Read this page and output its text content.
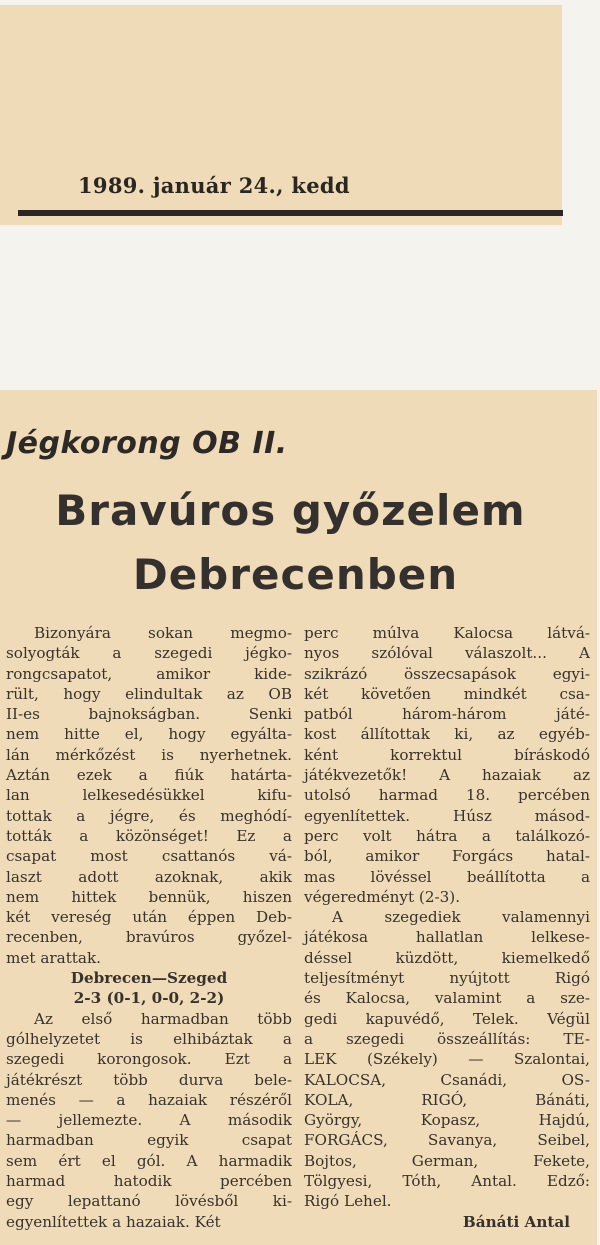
1989. január 24., kedd
Jégkorong OB II.
Bravúros győzelem
Debrecenben
Bizonyára sokan megmo-
solyogták a szegedi jégko-
rongcsapatot, amikor kide-
rült, hogy elindultak az OB
II-es bajnokságban. Senki
nem hitte el, hogy egyálta-
lán mérkőzést is nyerhetnek.
Aztán ezek a fiúk határta-
lan lelkesedésükkel kifu-
tottak a jégre, és meghódí-
tották a közönséget! Ez a
csapat most csattanós vá-
laszt adott azoknak, akik
nem hittek bennük, hiszen
két vereség után éppen Deb-
recenben, bravúros győzel-
met arattak.
Debrecen—Szeged
2-3 (0-1, 0-0, 2-2)
Az első harmadban több
gólhelyzetet is elhibáztak a
szegedi korongosok. Ezt a
játékrészt több durva bele-
menés — a hazaiak részéről
— jellemezte. A második
harmadban egyik csapat
sem ért el gól. A harmadik
harmad hatodik percében
egy lepattanó lövésből ki-
egyenlítettek a hazaiak. Két
perc múlva Kalocsa látvá-
nyos szólóval válaszolt... A
szikrázó összecsapások egyi-
két követően mindkét csa-
patból három-három játé-
kost állítottak ki, az egyéb-
ként korrektul bíráskodó
játékvezetők! A hazaiak az
utolsó harmad 18. percében
egyenlítettek. Húsz másod-
perc volt hátra a találkozó-
ból, amikor Forgács hatal-
mas lövéssel beállította a
végeredményt (2-3).
A szegediek valamennyi
játékosa hallatlan lelkese-
déssel küzdött, kiemelkedő
teljesítményt nyújtott Rigó
és Kalocsa, valamint a sze-
gedi kapuvédő, Telek. Végül
a szegedi összeállítás: TE-
LEK (Székely) — Szalontai,
KALOCSA, Csanádi, OS-
KOLA, RIGÓ, Bánáti,
György, Kopasz, Hajdú,
FORGÁCS, Savanya, Seibel,
Bojtos, German, Fekete,
Tölgyesi, Tóth, Antal. Edző:
Rigó Lehel.
Bánáti Antal
